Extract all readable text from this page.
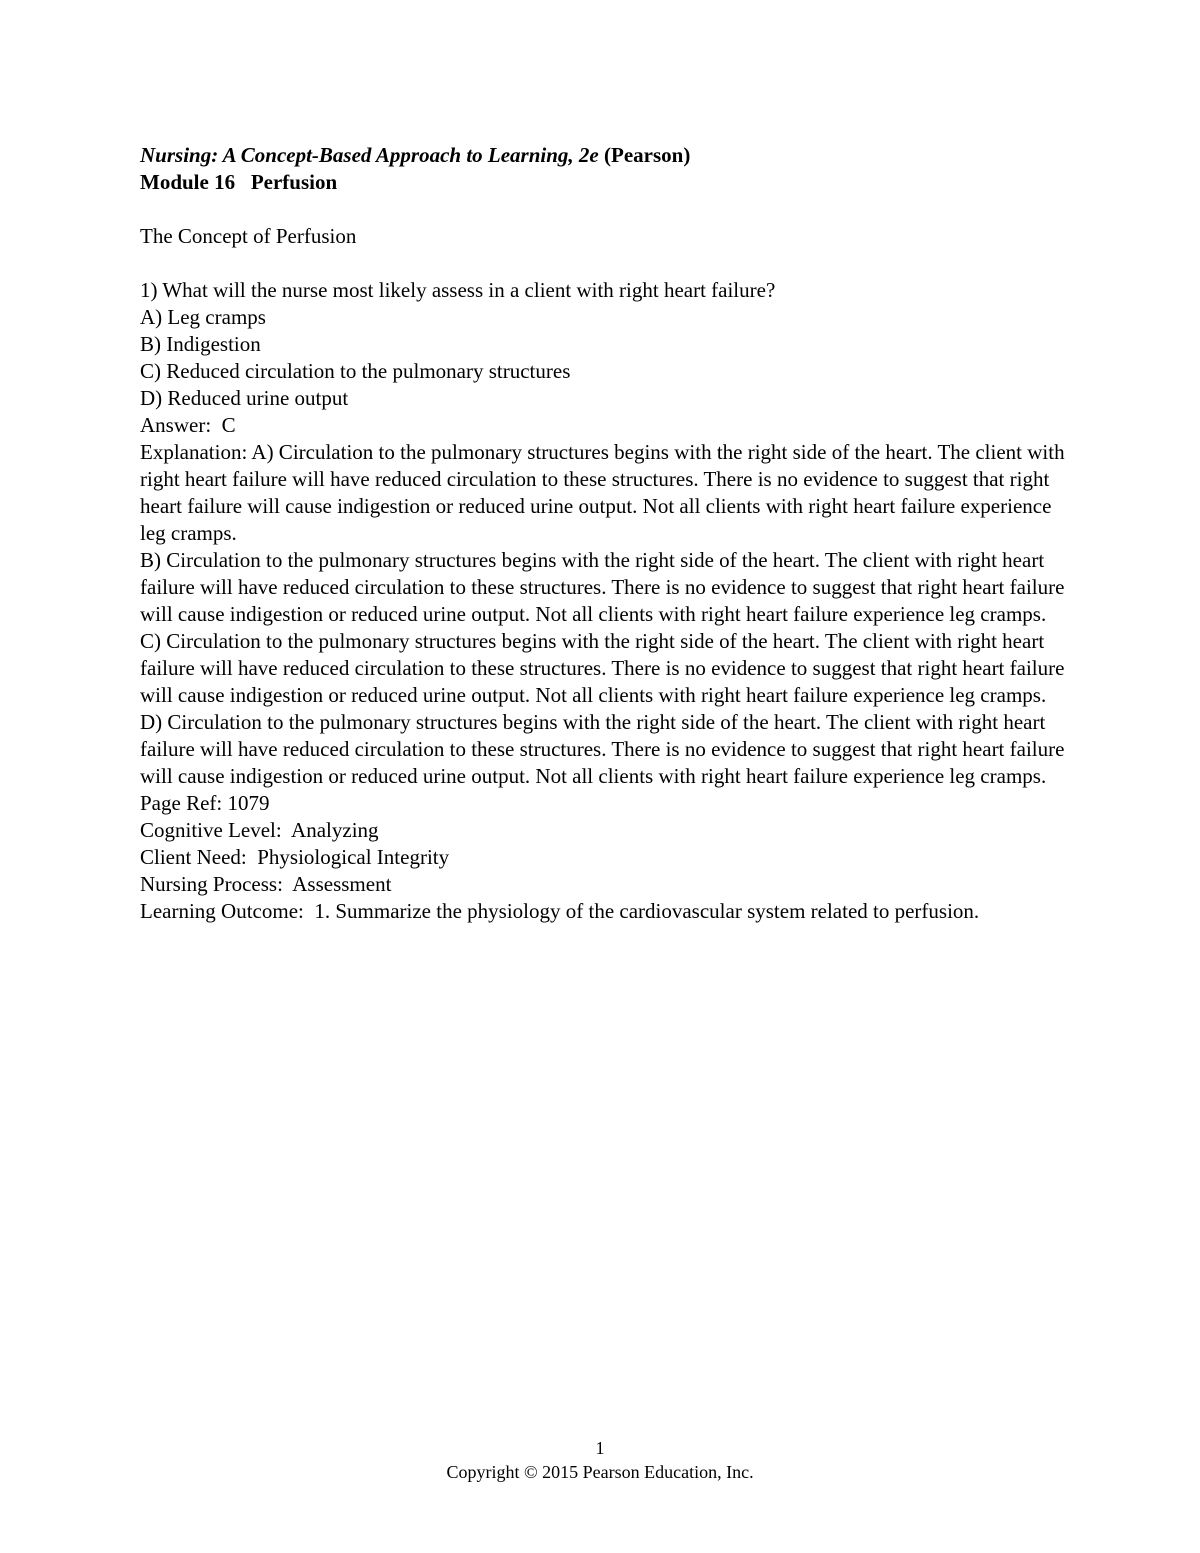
Nursing: A Concept-Based Approach to Learning, 2e (Pearson)
Module 16   Perfusion
The Concept of Perfusion
1) What will the nurse most likely assess in a client with right heart failure?
A) Leg cramps
B) Indigestion
C) Reduced circulation to the pulmonary structures
D) Reduced urine output
Answer:  C
Explanation: A) Circulation to the pulmonary structures begins with the right side of the heart. The client with right heart failure will have reduced circulation to these structures. There is no evidence to suggest that right heart failure will cause indigestion or reduced urine output. Not all clients with right heart failure experience leg cramps.
B) Circulation to the pulmonary structures begins with the right side of the heart. The client with right heart failure will have reduced circulation to these structures. There is no evidence to suggest that right heart failure will cause indigestion or reduced urine output. Not all clients with right heart failure experience leg cramps.
C) Circulation to the pulmonary structures begins with the right side of the heart. The client with right heart failure will have reduced circulation to these structures. There is no evidence to suggest that right heart failure will cause indigestion or reduced urine output. Not all clients with right heart failure experience leg cramps.
D) Circulation to the pulmonary structures begins with the right side of the heart. The client with right heart failure will have reduced circulation to these structures. There is no evidence to suggest that right heart failure will cause indigestion or reduced urine output. Not all clients with right heart failure experience leg cramps.
Page Ref: 1079
Cognitive Level:  Analyzing
Client Need:  Physiological Integrity
Nursing Process:  Assessment
Learning Outcome:  1. Summarize the physiology of the cardiovascular system related to perfusion.
1
Copyright © 2015 Pearson Education, Inc.
